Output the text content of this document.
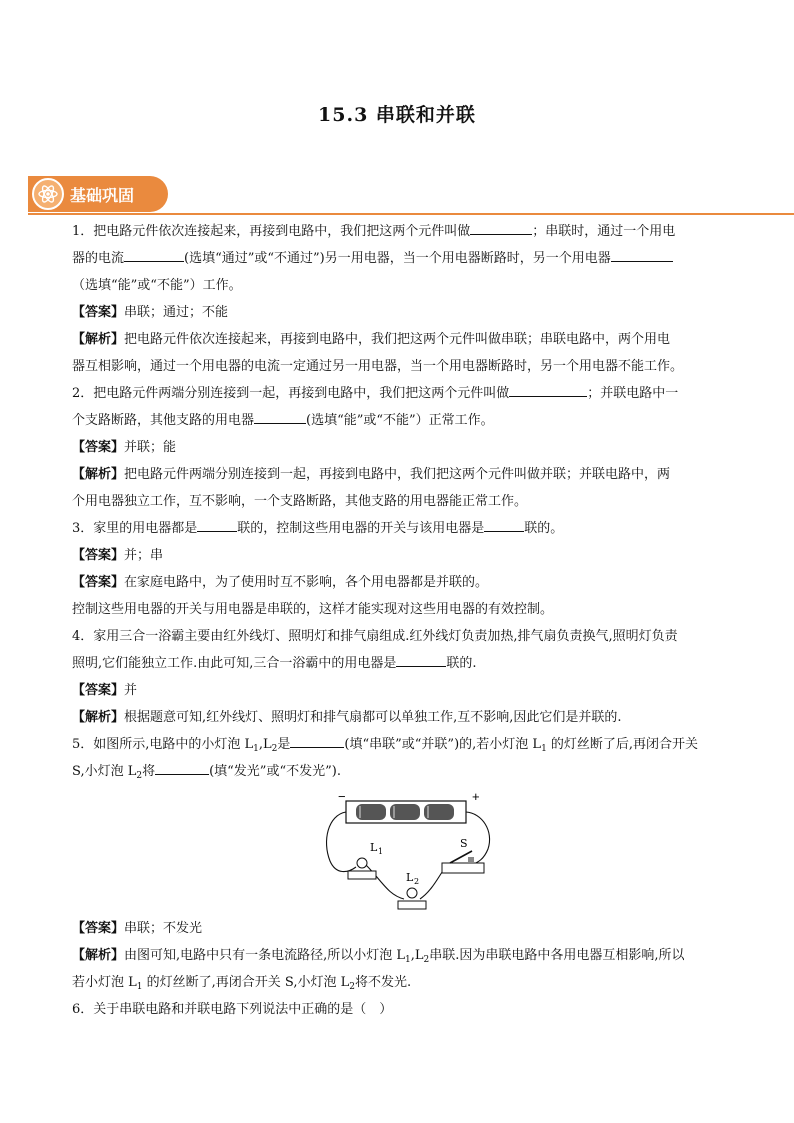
15.3 串联和并联
基础巩固
1．把电路元件依次连接起来，再接到电路中，我们把这两个元件叫做	；串联时，通过一个用电
器的电流	(选填“通过”或“不通过”)另一用电器，当一个用电器断路时，另一个用电器
（选填“能”或“不能”）工作。
【答案】串联；通过；不能
【解析】把电路元件依次连接起来，再接到电路中，我们把这两个元件叫做串联；串联电路中，两个用电
器互相影响，通过一个用电器的电流一定通过另一用电器，当一个用电器断路时，另一个用电器不能工作。
2．把电路元件两端分别连接到一起，再接到电路中，我们把这两个元件叫做	；并联电路中一
个支路断路，其他支路的用电器	(选填“能”或“不能”）正常工作。
【答案】并联；能
【解析】把电路元件两端分别连接到一起，再接到电路中，我们把这两个元件叫做并联；并联电路中，两
个用电器独立工作，互不影响，一个支路断路，其他支路的用电器能正常工作。
3．家里的用电器都是	联的，控制这些用电器的开关与该用电器是	联的。
【答案】并；串
【答案】在家庭电路中，为了使用时互不影响，各个用电器都是并联的。
控制这些用电器的开关与用电器是串联的，这样才能实现对这些用电器的有效控制。
4．家用三合一浴霸主要由红外线灯、照明灯和排气扇组成.红外线灯负责加热,排气扇负责换气,照明灯负责
照明,它们能独立工作.由此可知,三合一浴霸中的用电器是	联的.
【答案】并
【解析】根据题意可知,红外线灯、照明灯和排气扇都可以单独工作,互不影响,因此它们是并联的.
5．如图所示,电路中的小灯泡 $L_1,L_2$是	(填“串联”或“并联”)的,若小灯泡 $L_1$ 的灯丝断了后,再闭合开关
S,小灯泡 $L_2$将	(填“发光”或“不发光”).
−	+
L 1
L 2
S
【答案】串联；不发光
【解析】由图可知,电路中只有一条电流路径,所以小灯泡 $L_1,L_2$串联.因为串联电路中各用电器互相影响,所以
若小灯泡 $L_1$ 的灯丝断了,再闭合开关 S,小灯泡 $L_2$将不发光.
6．关于串联电路和并联电路下列说法中正确的是（　）
